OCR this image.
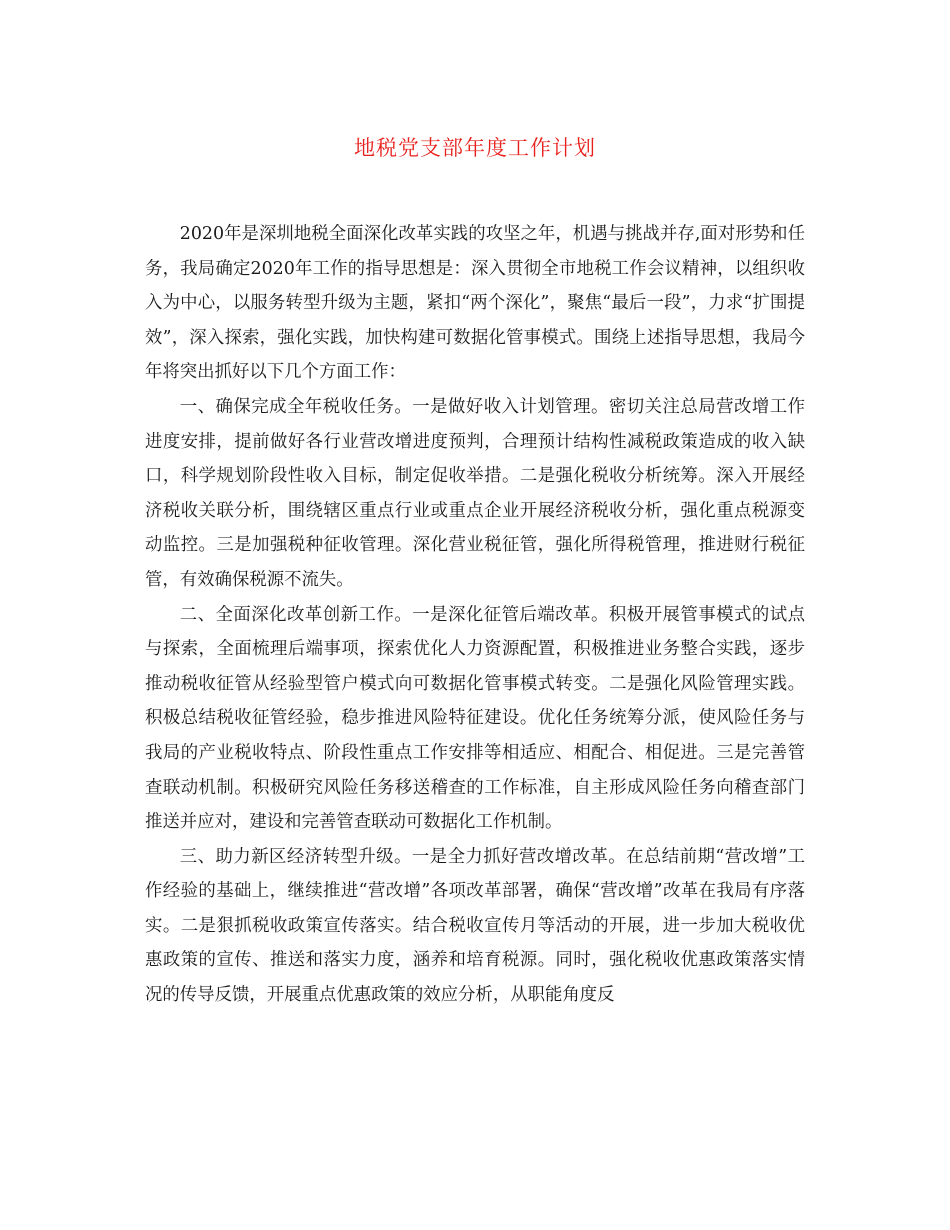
地税党支部年度工作计划

2020年是深圳地税全面深化改革实践的攻坚之年，机遇与挑战并存,面对形势和任务，我局确定2020年工作的指导思想是：深入贯彻全市地税工作会议精神，以组织收入为中心，以服务转型升级为主题，紧扣“两个深化”，聚焦“最后一段”，力求“扩围提效”，深入探索，强化实践，加快构建可数据化管事模式。围绕上述指导思想，我局今年将突出抓好以下几个方面工作：

一、确保完成全年税收任务。一是做好收入计划管理。密切关注总局营改增工作进度安排，提前做好各行业营改增进度预判，合理预计结构性减税政策造成的收入缺口，科学规划阶段性收入目标，制定促收举措。二是强化税收分析统筹。深入开展经济税收关联分析，围绕辖区重点行业或重点企业开展经济税收分析，强化重点税源变动监控。三是加强税种征收管理。深化营业税征管，强化所得税管理，推进财行税征管，有效确保税源不流失。

二、全面深化改革创新工作。一是深化征管后端改革。积极开展管事模式的试点与探索，全面梳理后端事项，探索优化人力资源配置，积极推进业务整合实践，逐步推动税收征管从经验型管户模式向可数据化管事模式转变。二是强化风险管理实践。积极总结税收征管经验，稳步推进风险特征建设。优化任务统筹分派，使风险任务与我局的产业税收特点、阶段性重点工作安排等相适应、相配合、相促进。三是完善管查联动机制。积极研究风险任务移送稽查的工作标准，自主形成风险任务向稽查部门推送并应对，建设和完善管查联动可数据化工作机制。

三、助力新区经济转型升级。一是全力抓好营改增改革。在总结前期“营改增”工作经验的基础上，继续推进“营改增”各项改革部署，确保“营改增”改革在我局有序落实。二是狠抓税收政策宣传落实。结合税收宣传月等活动的开展，进一步加大税收优惠政策的宣传、推送和落实力度，涵养和培育税源。同时，强化税收优惠政策落实情况的传导反馈，开展重点优惠政策的效应分析，从职能角度反
